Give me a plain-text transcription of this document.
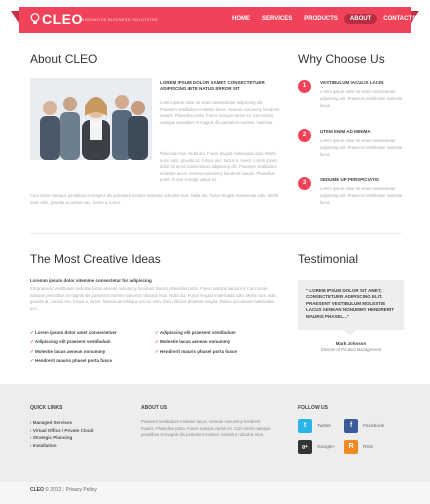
CLEO
INNOVATIVE BUSINESS SOLUTIONS	HOME	SERVICES	PRODUCTS	ABOUT	CONTACTS
About CLEO
LOREM IPSUM DOLOR SAMET CONSECTETUER ADIPISCING IBTE NATUS ERROR SIT
Lorem ipsum dolor sit amet consectetuer adipiscing elit. Praesent vestibulum molestie lacus. Aenean nonummy hendrerit mauris. Phasellus porta. Fusce suscipit varius mi. Cum sociis natoque penatibus et magnis dis parturient montes, nascetur.
Ridiculus mus. Nulla dui. Fusce feugiat malesuada odio. Morbi nunc odio, gravida at, cursus nec, luctus a, lorem. Lorem ipsum dolor sit amet consectetuer adipiscing elit. Praesent vestibulum molestie lacus. Aenean nonummy hendrerit mauris. Phasellus porta. Fusce suscipit varius mi.
Cum sociis natoque penatibus et magnis dis parturient montes nascetur ridiculus mus. Nulla dui. Fusce feugiat malesuada odio. Morbi nunc odio, gravida at cursus nec, luctus a, lorem.
Why Choose Us
1
VESTIBULUM IACULIS LACIN
Lorem ipsum dolor sit amet consectetuer adipiscing elit. Praesent vestibulum molestie lacus.
2
UTEM ENIM AD MINIMA
Lorem ipsum dolor sit amet consectetuer adipiscing elit. Praesent vestibulum molestie lacus.
3
SEDUME UP PERSPICIATIS
Lorem ipsum dolor sit amet consectetuer adipiscing elit. Praesent vestibulum molestie lacus.
The Most Creative Ideas
Loremm ipsum dolor sitemme consectetur for adipiscing
Elit praesent vestibulum molestie lacus aenean nonummy hendrerit mauris phasellus porta. Fusce suscipit varius mi. Cum sociis natoque penatibus et magnis dis parturient montes nascetur ridiculus mus. Nulla dui. Fusce feugiat malesuada odio. Morbi nunc odio, gravida at, cursus nec, luctus a, lorem. Maecenas tristique orci ac sem. Duis ultricies pharetra magna. Donec accumsan malesuada orci.
✓ Lorem ipsum dolor amet consectetuer
✓ Adipiscing elit praesent vestibulum
✓ Molestie lacus aenean nonummy
✓ Hendrerit mauris phasel porta fusce
✓ Adipiscing elit praesent vestibulum
✓ Molestie lacus aenean nonummy
✓ Hendrerit mauris phasel porta fusce
Testimonial
" LOREM IPSUM DOLOR SIT AMET, CONSECTETUER ADIPISCING ELIT. PRAESENT VESTIBULUM MOLESTIE LACUS AENEAN NONUMMY HENDRERIT MAURIS PHASEL..."
Mark Johnson
Director of Product Management
QUICK LINKS
› Managed Services
› Virtual Office / Private Cloud
› Strategic Planning
› Installation
ABOUT US
Praesent vestibulum molestie lacus. Aenean nonummy hendrerit mauris. Phasellus porta. Fusce suscipit varius mi. Cum sociis natoque penatibus et magnis dis parturient montes, nascetur ridiculus mus.
FOLLOW US
t	Twitter	f	Facebook
g+	Google+	R	RSS
CLEO © 2012 | Privacy Policy
